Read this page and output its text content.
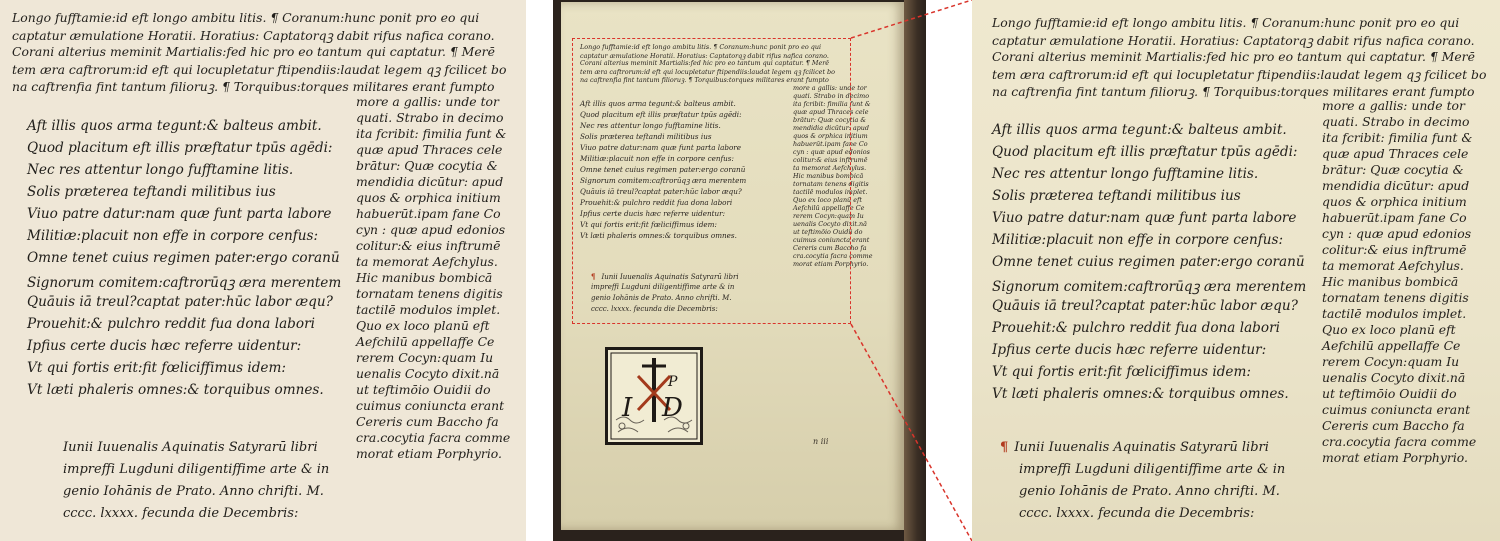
Longo fufftamie:id eft longo ambitu litis. ¶ Coranum:hunc ponit pro eo qui
captatur æmulatione Horatii. Horatius: Captatorqꝫ dabit rifus nafica corano.
Corani alterius meminit Martialis:fed hic pro eo tantum qui captatur. ¶ Merē
tem æra caftrorum:id eft qui locupletatur ftipendiis:laudat legem qꝫ fcilicet bo
na caftrenfia fint tantum filioruꝫ. ¶ Torquibus:torques militares erant fumpto
Aft illis quos arma tegunt:& balteus ambit.
Quod placitum eft illis præftatur tpūs agēdi:
Nec res attentur longo fufftamine litis.
Solis præterea teftandi militibus ius
Viuo patre datur:nam quæ funt parta labore
Militiæ:placuit non effe in corpore cenfus:
Omne tenet cuius regimen pater:ergo coranū
Signorum comitem:caftrorūqꝫ æra merentem
Quāuis iā treul?captat pater:hūc labor æqu?
Prouehit:& pulchro reddit fua dona labori
Ipfius certe ducis hæc referre uidentur:
Vt qui fortis erit:fit fœliciffimus idem:
Vt læti phaleris omnes:& torquibus omnes.
more a gallis: unde tor
quati. Strabo in decimo
ita fcribit: fimilia funt &
quæ apud Thraces cele
brātur: Quæ cocytia &
mendidia dicūtur: apud
quos & orphica initium
habuerūt.ipam fane Co
cyn : quæ apud edonios
colitur:& eius inftrumē
ta memorat Aefchylus.
Hic manibus bombicā
tornatam tenens digitis
tactilē modulos implet.
Quo ex loco planū eft
Aefchilū appellaffe Ce
rerem Cocyn:quam Iu
uenalis Cocyto dixit.nā
ut teftimōio Ouidii do
cuimus coniuncta erant
Cereris cum Baccho fa
cra.cocytia facra comme
morat etiam Porphyrio.
Iunii Iuuenalis Aquinatis Satyrarū libri
impreffi Lugduni diligentiffime arte & in
genio Iohānis de Prato. Anno chrifti. M.
cccc. lxxxx. fecunda die Decembris:
Longo fufftamie:id eft longo ambitu litis. ¶ Coranum:hunc ponit pro eo qui
captatur æmulatione Horatii. Horatius: Captatorqꝫ dabit rifus nafica corano.
Corani alterius meminit Martialis:fed hic pro eo tantum qui captatur. ¶ Merē
tem æra caftrorum:id eft qui locupletatur ftipendiis:laudat legem qꝫ fcilicet bo
na caftrenfia fint tantum filioruꝫ. ¶ Torquibus:torques militares erant fumpto
Aft illis quos arma tegunt:& balteus ambit.
Quod placitum eft illis præftatur tpūs agēdi:
Nec res attentur longo fufftamine litis.
Solis præterea teftandi militibus ius
Viuo patre datur:nam quæ funt parta labore
Militiæ:placuit non effe in corpore cenfus:
Omne tenet cuius regimen pater:ergo coranū
Signorum comitem:caftrorūqꝫ æra merentem
Quāuis iā treul?captat pater:hūc labor æqu?
Prouehit:& pulchro reddit fua dona labori
Ipfius certe ducis hæc referre uidentur:
Vt qui fortis erit:fit fœliciffimus idem:
Vt læti phaleris omnes:& torquibus omnes.
more a gallis: unde tor
quati. Strabo in decimo
ita fcribit: fimilia funt &
quæ apud Thraces cele
brātur: Quæ cocytia &
mendidia dicūtur: apud
quos & orphica initium
habuerūt.ipam fane Co
cyn : quæ apud edonios
colitur:& eius inftrumē
ta memorat Aefchylus.
Hic manibus bombicā
tornatam tenens digitis
tactilē modulos implet.
Quo ex loco planū eft
Aefchilū appellaffe Ce
rerem Cocyn:quam Iu
uenalis Cocyto dixit.nā
ut teftimōio Ouidii do
cuimus coniuncta erant
Cereris cum Baccho fa
cra.cocytia facra comme
morat etiam Porphyrio.
¶ Iunii Iuuenalis Aquinatis Satyrarū libri
impreffi Lugduni diligentiffime arte & in
genio Iohānis de Prato. Anno chrifti. M.
cccc. lxxxx. fecunda die Decembris:
I D
P
n iii
Longo fufftamie:id eft longo ambitu litis. ¶ Coranum:hunc ponit pro eo qui
captatur æmulatione Horatii. Horatius: Captatorqꝫ dabit rifus nafica corano.
Corani alterius meminit Martialis:fed hic pro eo tantum qui captatur. ¶ Merē
tem æra caftrorum:id eft qui locupletatur ftipendiis:laudat legem qꝫ fcilicet bo
na caftrenfia fint tantum filioruꝫ. ¶ Torquibus:torques militares erant fumpto
Aft illis quos arma tegunt:& balteus ambit.
Quod placitum eft illis præftatur tpūs agēdi:
Nec res attentur longo fufftamine litis.
Solis præterea teftandi militibus ius
Viuo patre datur:nam quæ funt parta labore
Militiæ:placuit non effe in corpore cenfus:
Omne tenet cuius regimen pater:ergo coranū
Signorum comitem:caftrorūqꝫ æra merentem
Quāuis iā treul?captat pater:hūc labor æqu?
Prouehit:& pulchro reddit fua dona labori
Ipfius certe ducis hæc referre uidentur:
Vt qui fortis erit:fit fœliciffimus idem:
Vt læti phaleris omnes:& torquibus omnes.
more a gallis: unde tor
quati. Strabo in decimo
ita fcribit: fimilia funt &
quæ apud Thraces cele
brātur: Quæ cocytia &
mendidia dicūtur: apud
quos & orphica initium
habuerūt.ipam fane Co
cyn : quæ apud edonios
colitur:& eius inftrumē
ta memorat Aefchylus.
Hic manibus bombicā
tornatam tenens digitis
tactilē modulos implet.
Quo ex loco planū eft
Aefchilū appellaffe Ce
rerem Cocyn:quam Iu
uenalis Cocyto dixit.nā
ut teftimōio Ouidii do
cuimus coniuncta erant
Cereris cum Baccho fa
cra.cocytia facra comme
morat etiam Porphyrio.
¶ Iunii Iuuenalis Aquinatis Satyrarū libri
impreffi Lugduni diligentiffime arte & in
genio Iohānis de Prato. Anno chrifti. M.
cccc. lxxxx. fecunda die Decembris:
